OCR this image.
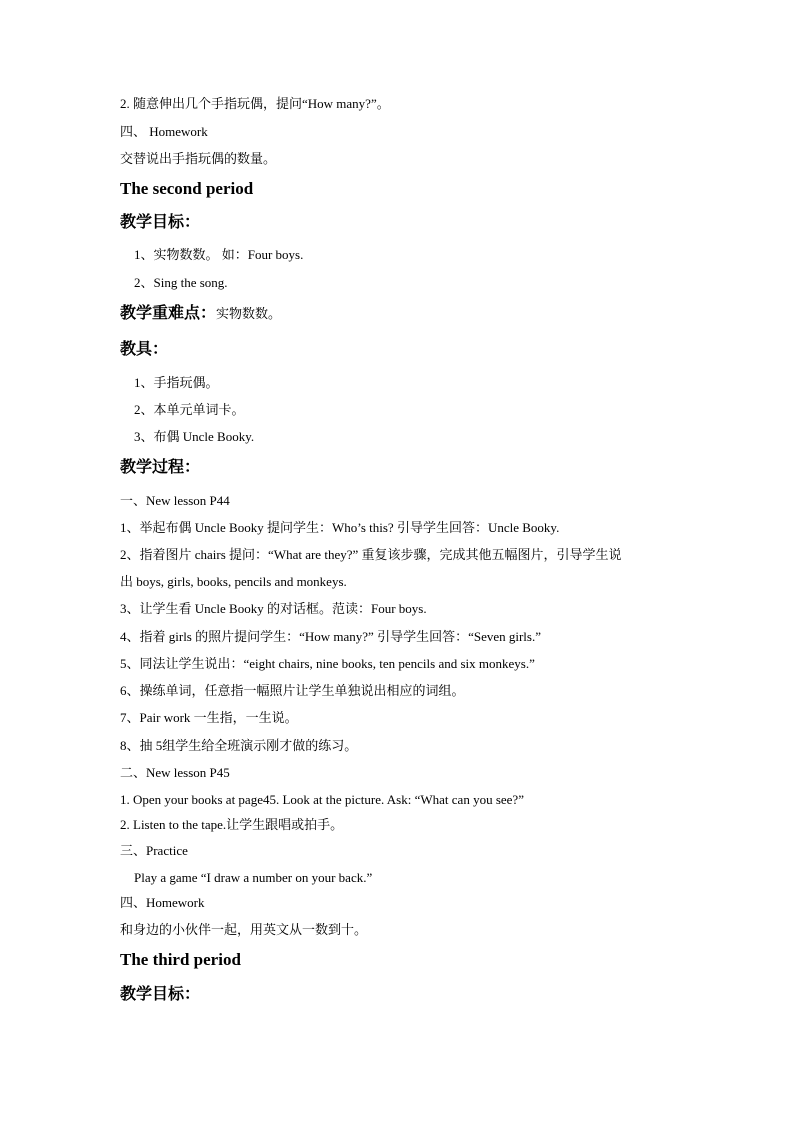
2. 随意伸出几个手指玩偶，提问“How many?”。
四、 Homework
交替说出手指玩偶的数量。
The second period
教学目标：
1、实物数数。 如：Four boys.
2、Sing the song.
教学重难点：实物数数。
教具：
1、手指玩偶。
2、本单元单词卡。
3、布偶 Uncle Booky.
教学过程：
一、New lesson P44
1、举起布偶 Uncle Booky 提问学生：Who’s this? 引导学生回答：Uncle Booky.
2、指着图片 chairs 提问：“What are they?” 重复该步骤，完成其他五幅图片，引导学生说
出 boys, girls, books, pencils and monkeys.
3、让学生看 Uncle Booky 的对话框。范读：Four boys.
4、指着 girls 的照片提问学生：“How many?” 引导学生回答：“Seven girls.”
5、同法让学生说出：“eight chairs, nine books, ten pencils and six monkeys.”
6、操练单词，任意指一幅照片让学生单独说出相应的词组。
7、Pair work 一生指，一生说。
8、抽 5组学生给全班演示刚才做的练习。
二、New lesson P45
1. Open your books at page45. Look at the picture. Ask: “What can you see?”
2. Listen to the tape.让学生跟唱或拍手。
三、Practice
Play a game “I draw a number on your back.”
四、Homework
和身边的小伙伴一起，用英文从一数到十。
The third period
教学目标：
